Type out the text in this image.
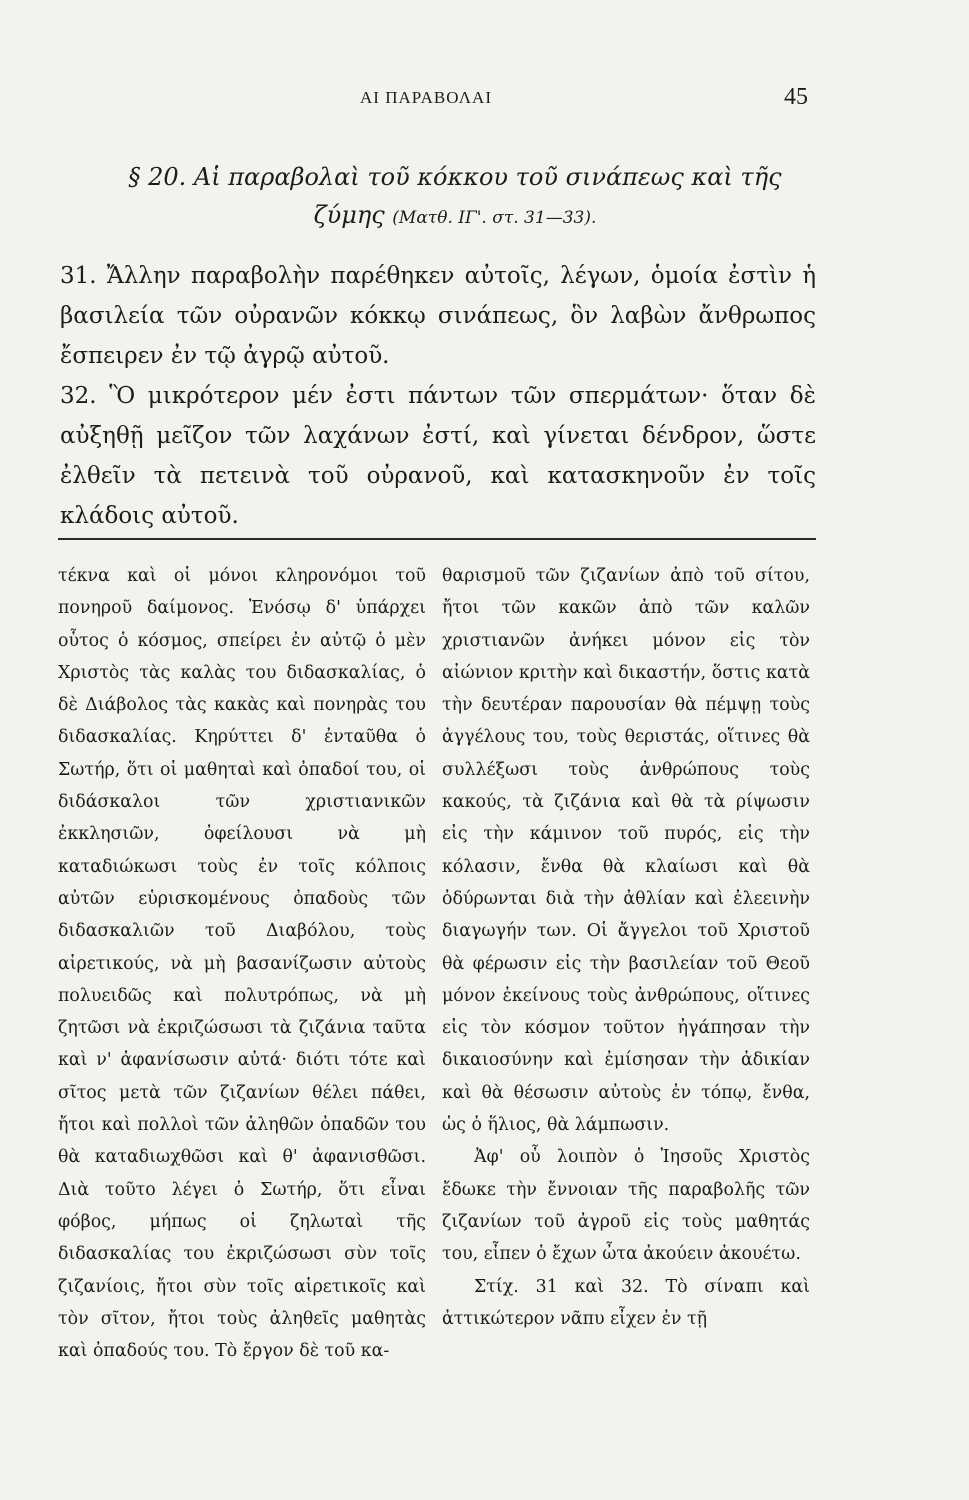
ΑΙ ΠΑΡΑΒΟΛΑΙ	45
§ 20. Αἱ παραβολαὶ τοῦ κόκκου τοῦ σινάπεως καὶ τῆς ζύμης (Ματθ. ΙΓ'. στ. 31—33).

31. Ἄλλην παραβολὴν παρέθηκεν αὐτοῖς, λέγων, ὁμοία ἐστὶν ἡ βασιλεία τῶν οὐρανῶν κόκκῳ σινάπεως, ὃν λαβὼν ἄνθρωπος ἔσπειρεν ἐν τῷ ἀγρῷ αὐτοῦ.

32. Ὃ μικρότερον μέν ἐστι πάντων τῶν σπερμάτων· ὅταν δὲ αὐξηθῇ μεῖζον τῶν λαχάνων ἐστί, καὶ γίνεται δένδρον, ὥστε ἐλθεῖν τὰ πετεινὰ τοῦ οὐρανοῦ, καὶ κατασκηνοῦν ἐν τοῖς κλάδοις αὐτοῦ.

τέκνα καὶ οἱ μόνοι κληρονόμοι τοῦ πονηροῦ δαίμονος. Ἐνόσῳ δ' ὑπάρχει οὗτος ὁ κόσμος, σπείρει ἐν αὐτῷ ὁ μὲν Χριστὸς τὰς καλὰς του διδασκαλίας, ὁ δὲ Διάβολος τὰς κακὰς καὶ πονηρὰς του διδασκαλίας. Κηρύττει δ' ἐνταῦθα ὁ Σωτήρ, ὅτι οἱ μαθηταὶ καὶ ὀπαδοί του, οἱ διδάσκαλοι τῶν χριστιανικῶν ἐκκλησιῶν, ὀφείλουσι νὰ μὴ καταδιώκωσι τοὺς ἐν τοῖς κόλποις αὐτῶν εὑρισκομένους ὀπαδοὺς τῶν διδασκαλιῶν τοῦ Διαβόλου, τοὺς αἱρετικούς, νὰ μὴ βασανίζωσιν αὐτοὺς πολυειδῶς καὶ πολυτρόπως, νὰ μὴ ζητῶσι νὰ ἐκριζώσωσι τὰ ζιζάνια ταῦτα καὶ ν' ἀφανίσωσιν αὐτά· διότι τότε καὶ σῖτος μετὰ τῶν ζιζανίων θέλει πάθει, ἤτοι καὶ πολλοὶ τῶν ἀληθῶν ὀπαδῶν του θὰ καταδιωχθῶσι καὶ θ' ἀφανισθῶσι. Διὰ τοῦτο λέγει ὁ Σωτήρ, ὅτι εἶναι φόβος, μήπως οἱ ζηλωταὶ τῆς διδασκαλίας του ἐκριζώσωσι σὺν τοῖς ζιζανίοις, ἤτοι σὺν τοῖς αἱρετικοῖς καὶ τὸν σῖτον, ἤτοι τοὺς ἀληθεῖς μαθητὰς καὶ ὀπαδούς του. Τὸ ἔργον δὲ τοῦ κα-

θαρισμοῦ τῶν ζιζανίων ἀπὸ τοῦ σίτου, ἤτοι τῶν κακῶν ἀπὸ τῶν καλῶν χριστιανῶν ἀνήκει μόνον εἰς τὸν αἰώνιον κριτὴν καὶ δικαστήν, ὅστις κατὰ τὴν δευτέραν παρουσίαν θὰ πέμψῃ τοὺς ἀγγέλους του, τοὺς θεριστάς, οἵτινες θὰ συλλέξωσι τοὺς ἀνθρώπους τοὺς κακούς, τὰ ζιζάνια καὶ θὰ τὰ ρίψωσιν εἰς τὴν κάμινον τοῦ πυρός, εἰς τὴν κόλασιν, ἔνθα θὰ κλαίωσι καὶ θὰ ὀδύρωνται διὰ τὴν ἀθλίαν καὶ ἐλεεινὴν διαγωγήν των. Οἱ ἄγγελοι τοῦ Χριστοῦ θὰ φέρωσιν εἰς τὴν βασιλείαν τοῦ Θεοῦ μόνον ἐκείνους τοὺς ἀνθρώπους, οἵτινες εἰς τὸν κόσμον τοῦτον ἠγάπησαν τὴν δικαιοσύνην καὶ ἐμίσησαν τὴν ἀδικίαν καὶ θὰ θέσωσιν αὐτοὺς ἐν τόπῳ, ἔνθα, ὡς ὁ ἥλιος, θὰ λάμπωσιν.

Ἀφ' οὗ λοιπὸν ὁ Ἰησοῦς Χριστὸς ἔδωκε τὴν ἔννοιαν τῆς παραβολῆς τῶν ζιζανίων τοῦ ἀγροῦ εἰς τοὺς μαθητάς του, εἶπεν ὁ ἔχων ὦτα ἀκούειν ἀκουέτω.

Στίχ. 31 καὶ 32. Τὸ σίναπι καὶ ἀττικώτερον νᾶπυ εἶχεν ἐν τῇ
